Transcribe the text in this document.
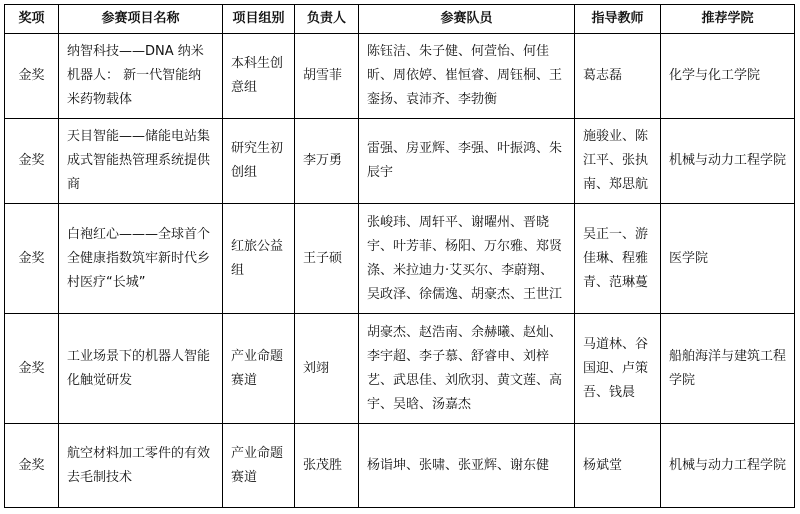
奖项	参赛项目名称	项目组别	负责人	参赛队员	指导教师	推荐学院
金奖	纳智科技——DNA 纳米机器人： 新一代智能纳米药物载体	本科生创意组	胡雪菲	陈钰洁、朱子健、何萱怡、何佳昕、周依婷、崔恒睿、周钰桐、王銮扬、袁沛齐、李勃衡	葛志磊	化学与化工学院

金奖	天目智能——储能电站集成式智能热管理系统提供商	研究生初创组	李万勇	雷强、房亚辉、李强、叶振鸿、朱辰宇	施骏业、陈江平、张执南、郑思航	机械与动力工程学院

金奖	白袍红心———全球首个全健康指数筑牢新时代乡村医疗“长城”	红旅公益组	王子硕	张峻玮、周轩平、谢曜州、晋晓宇、叶芳菲、杨阳、万尔雅、郑贤涤、米拉迪力·艾买尔、李蔚翔、吴政泽、徐儒逸、胡豪杰、王世江	吴正一、游佳琳、程雅青、范琳蔓	医学院

金奖	工业场景下的机器人智能化触觉研发	产业命题赛道	刘翊	胡豪杰、赵浩南、余赫曦、赵灿、李宇超、李子慕、舒睿申、刘梓艺、武思佳、刘欣羽、黄文莲、高宇、吴晗、汤嘉杰	马道林、谷国迎、卢策吾、钱晨	船舶海洋与建筑工程学院

金奖	航空材料加工零件的有效去毛制技术	产业命题赛道	张茂胜	杨诣坤、张啸、张亚辉、谢东健	杨斌堂	机械与动力工程学院
